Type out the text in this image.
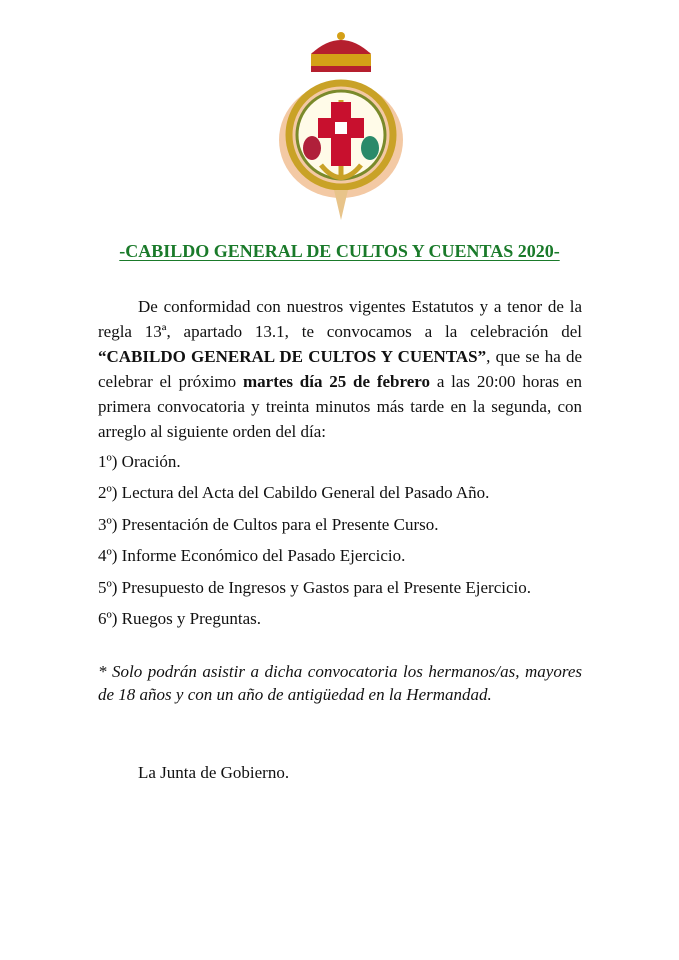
-CABILDO GENERAL DE CULTOS Y CUENTAS 2020-

De conformidad con nuestros vigentes Estatutos y a tenor de la regla 13ª, apartado 13.1, te convocamos a la celebración del “CABILDO GENERAL DE CULTOS Y CUENTAS”, que se ha de celebrar el próximo martes día 25 de febrero a las 20:00 horas en primera convocatoria y treinta minutos más tarde en la segunda, con arreglo al siguiente orden del día:

1º) Oración.
2º) Lectura del Acta del Cabildo General del Pasado Año.
3º) Presentación de Cultos para el Presente Curso.
4º) Informe Económico del Pasado Ejercicio.
5º) Presupuesto de Ingresos y Gastos para el Presente Ejercicio.
6º) Ruegos y Preguntas.
* Solo podrán asistir a dicha convocatoria los hermanos/as, mayores de 18 años y con un año de antigüedad en la Hermandad.
La Junta de Gobierno.
